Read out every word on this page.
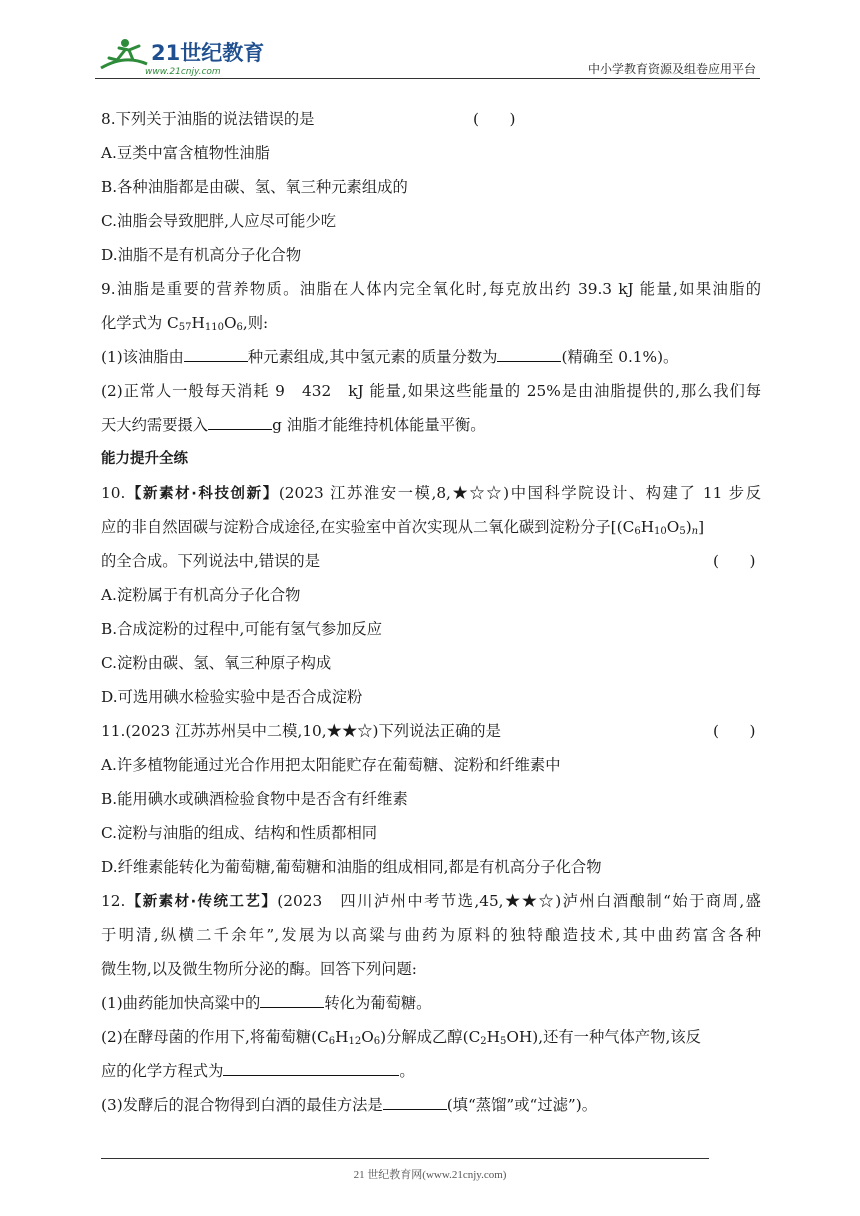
21世纪教育
www.21cnjy.com	中小学教育资源及组卷应用平台
8.下列关于油脂的说法错误的是	(　　)
A.豆类中富含植物性油脂
B.各种油脂都是由碳、氢、氧三种元素组成的
C.油脂会导致肥胖,人应尽可能少吃
D.油脂不是有机高分子化合物
9.油脂是重要的营养物质。油脂在人体内完全氧化时,每克放出约 39.3 kJ 能量,如果油脂的
化学式为 $C_{57}H_{110}O_6$,则:
(1)该油脂由	种元素组成,其中氢元素的质量分数为	(精确至 0.1%)。
(2)正常人一般每天消耗 9　432　kJ 能量,如果这些能量的 25%是由油脂提供的,那么我们每
天大约需要摄入	g 油脂才能维持机体能量平衡。
能力提升全练
10.【新素材·科技创新】(2023 江苏淮安一模,8,★☆☆)中国科学院设计、构建了 11 步反
应的非自然固碳与淀粉合成途径,在实验室中首次实现从二氧化碳到淀粉分子$[(C_6H_{10}O_5)_n]$
的全合成。下列说法中,错误的是	(　　)
A.淀粉属于有机高分子化合物
B.合成淀粉的过程中,可能有氢气参加反应
C.淀粉由碳、氢、氧三种原子构成
D.可选用碘水检验实验中是否合成淀粉
11.(2023 江苏苏州吴中二模,10,★★☆)下列说法正确的是	(　　)
A.许多植物能通过光合作用把太阳能贮存在葡萄糖、淀粉和纤维素中
B.能用碘水或碘酒检验食物中是否含有纤维素
C.淀粉与油脂的组成、结构和性质都相同
D.纤维素能转化为葡萄糖,葡萄糖和油脂的组成相同,都是有机高分子化合物
12.【新素材·传统工艺】(2023　四川泸州中考节选,45,★★☆)泸州白酒酿制“始于商周,盛
于明清,纵横二千余年”,发展为以高粱与曲药为原料的独特酿造技术,其中曲药富含各种
微生物,以及微生物所分泌的酶。回答下列问题:
(1)曲药能加快高粱中的	转化为葡萄糖。
(2)在酵母菌的作用下,将葡萄糖$(C_6H_{12}O_6)$分解成乙醇$(C_2H_5OH)$,还有一种气体产物,该反
应的化学方程式为	。
(3)发酵后的混合物得到白酒的最佳方法是	(填“蒸馏”或“过滤”)。
21 世纪教育网(www.21cnjy.com)
